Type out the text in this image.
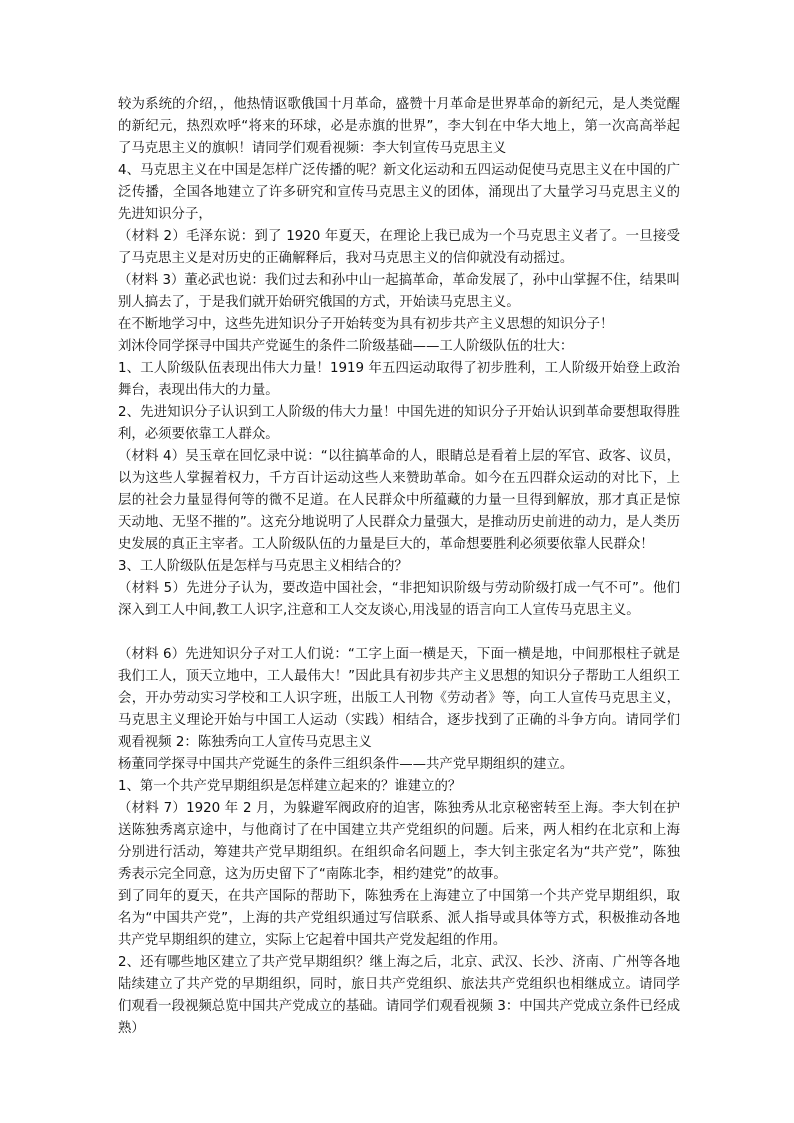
较为系统的介绍，，他热情讴歌俄国十月革命，盛赞十月革命是世界革命的新纪元，是人类觉醒的新纪元，热烈欢呼“将来的环球，必是赤旗的世界”，李大钊在中华大地上，第一次高高举起了马克思主义的旗帜！请同学们观看视频：李大钊宣传马克思主义

4、马克思主义在中国是怎样广泛传播的呢？新文化运动和五四运动促使马克思主义在中国的广泛传播，全国各地建立了许多研究和宣传马克思主义的团体，涌现出了大量学习马克思主义的先进知识分子，

（材料 2）毛泽东说：到了 1920 年夏天，在理论上我已成为一个马克思主义者了。一旦接受了马克思主义是对历史的正确解释后，我对马克思主义的信仰就没有动摇过。

（材料 3）董必武也说：我们过去和孙中山一起搞革命，革命发展了，孙中山掌握不住，结果叫别人搞去了，于是我们就开始研究俄国的方式，开始读马克思主义。

在不断地学习中，这些先进知识分子开始转变为具有初步共产主义思想的知识分子！

刘沐伶同学探寻中国共产党诞生的条件二阶级基础——工人阶级队伍的壮大：

1、工人阶级队伍表现出伟大力量！1919 年五四运动取得了初步胜利，工人阶级开始登上政治舞台，表现出伟大的力量。

2、先进知识分子认识到工人阶级的伟大力量！中国先进的知识分子开始认识到革命要想取得胜利，必须要依靠工人群众。

（材料 4）吴玉章在回忆录中说：“以往搞革命的人，眼睛总是看着上层的军官、政客、议员，以为这些人掌握着权力，千方百计运动这些人来赞助革命。如今在五四群众运动的对比下，上层的社会力量显得何等的微不足道。在人民群众中所蕴藏的力量一旦得到解放，那才真正是惊天动地、无坚不摧的”。这充分地说明了人民群众力量强大，是推动历史前进的动力，是人类历史发展的真正主宰者。工人阶级队伍的力量是巨大的，革命想要胜利必须要依靠人民群众！

3、工人阶级队伍是怎样与马克思主义相结合的？

（材料 5）先进分子认为，要改造中国社会，“非把知识阶级与劳动阶级打成一气不可”。他们深入到工人中间,教工人识字,注意和工人交友谈心,用浅显的语言向工人宣传马克思主义。

（材料 6）先进知识分子对工人们说：“工字上面一横是天，下面一横是地，中间那根柱子就是我们工人，顶天立地中，工人最伟大！”因此具有初步共产主义思想的知识分子帮助工人组织工会，开办劳动实习学校和工人识字班，出版工人刊物《劳动者》等，向工人宣传马克思主义，马克思主义理论开始与中国工人运动（实践）相结合，逐步找到了正确的斗争方向。请同学们观看视频 2：陈独秀向工人宣传马克思主义

杨董同学探寻中国共产党诞生的条件三组织条件——共产党早期组织的建立。

1、第一个共产党早期组织是怎样建立起来的？谁建立的？

（材料 7）1920 年 2 月，为躲避军阀政府的迫害，陈独秀从北京秘密转至上海。李大钊在护送陈独秀离京途中，与他商讨了在中国建立共产党组织的问题。后来，两人相约在北京和上海分别进行活动，筹建共产党早期组织。在组织命名问题上，李大钊主张定名为“共产党”，陈独秀表示完全同意，这为历史留下了“南陈北李，相约建党”的故事。

到了同年的夏天，在共产国际的帮助下，陈独秀在上海建立了中国第一个共产党早期组织，取名为“中国共产党”，上海的共产党组织通过写信联系、派人指导或具体等方式，积极推动各地共产党早期组织的建立，实际上它起着中国共产党发起组的作用。

2、还有哪些地区建立了共产党早期组织？继上海之后，北京、武汉、长沙、济南、广州等各地陆续建立了共产党的早期组织，同时，旅日共产党组织、旅法共产党组织也相继成立。请同学们观看一段视频总览中国共产党成立的基础。请同学们观看视频 3：中国共产党成立条件已经成熟）
